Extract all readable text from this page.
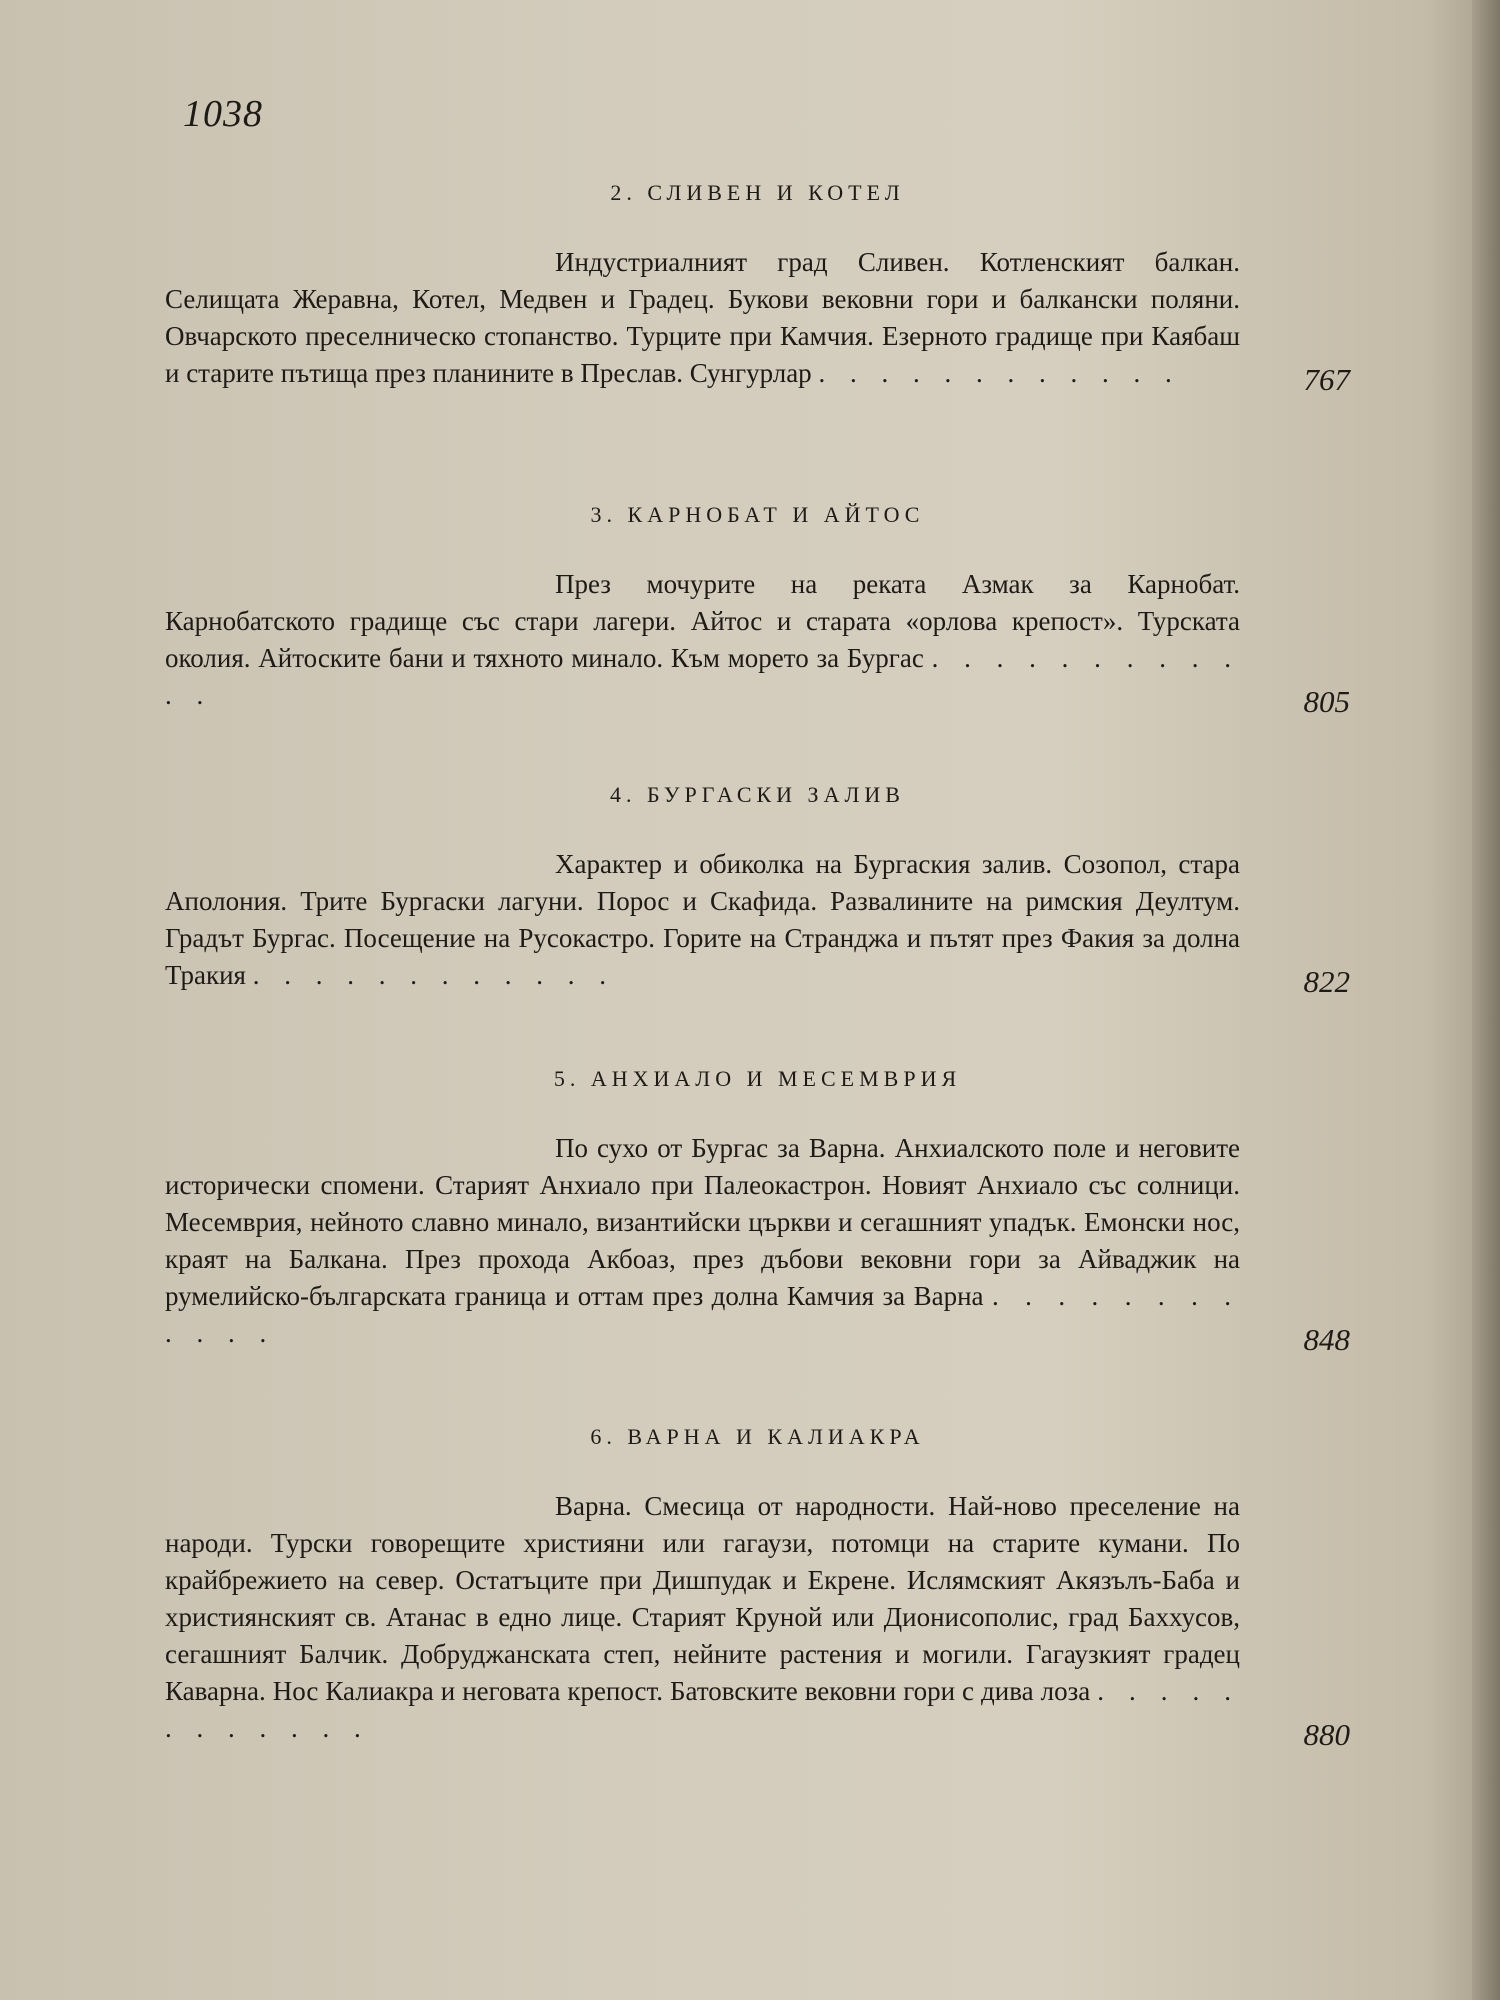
1038
2. СЛИВЕН И КОТЕЛ

Индустриалният град Сливен. Котленският балкан. Селищата Жеравна, Котел, Медвен и Градец. Букови вековни гори и балкански поляни. Овчарското преселническо стопанство. Турците при Камчия. Езерното градище при Каябаш и старите пътища през планините в Преслав. Сунгурлар . . . . . . . . . . . .	767

3. КАРНОБАТ И АЙТОС

През мочурите на реката Азмак за Карнобат. Карнобатското градище със стари лагери. Айтос и старата «орлова крепост». Турската околия. Айтоските бани и тяхното минало. Към морето за Бургас . . . . . . . . . . . .	805

4. БУРГАСКИ ЗАЛИВ

Характер и обиколка на Бургаския залив. Созопол, стара Аполония. Трите Бургаски лагуни. Порос и Скафида. Развалините на римския Деултум. Градът Бургас. Посещение на Русокастро. Горите на Странджа и пътят през Факия за долна Тракия . . . . . . . . . . . .	822

5. АНХИАЛО И МЕСЕМВРИЯ

По сухо от Бургас за Варна. Анхиалското поле и неговите исторически спомени. Старият Анхиало при Палеокастрон. Новият Анхиало със солници. Месемврия, нейното славно минало, византийски църкви и сегашният упадък. Емонски нос, краят на Балкана. През прохода Акбоаз, през дъбови вековни гори за Айваджик на румелийско-българската граница и оттам през долна Камчия за Варна . . . . . . . . . . . .	848

6. ВАРНА И КАЛИАКРА

Варна. Смесица от народности. Най-ново преселение на народи. Турски говорещите християни или гагаузи, потомци на старите кумани. По крайбрежието на север. Остатъците при Дишпудак и Екрене. Ислямският Акязълъ-Баба и християнският св. Атанас в едно лице. Старият Круной или Дионисополис, град Баххусов, сегашният Балчик. Добруджанската степ, нейните растения и могили. Гагаузкият градец Каварна. Нос Калиакра и неговата крепост. Батовските вековни гори с дива лоза . . . . . . . . . . . .	880
